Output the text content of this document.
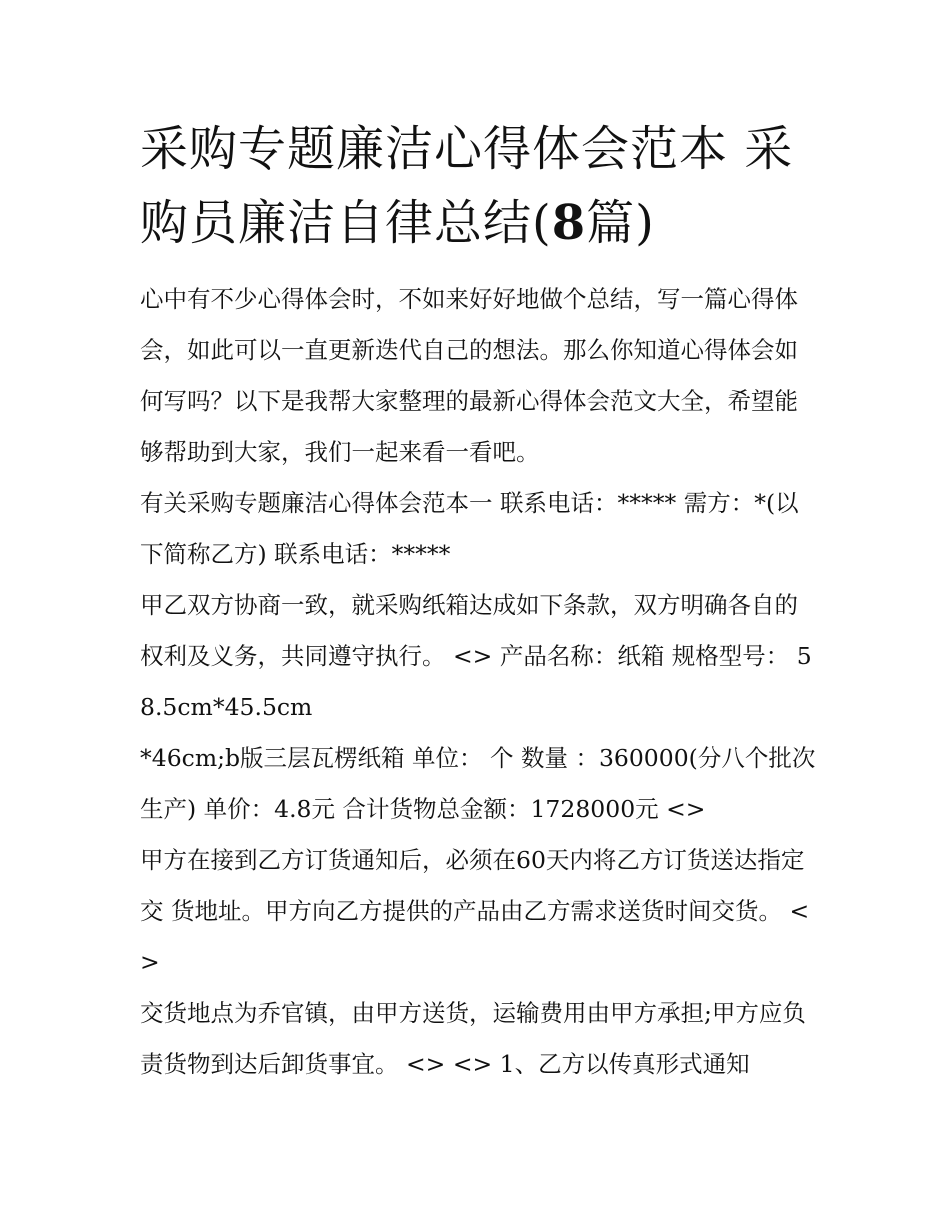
采购专题廉洁心得体会范本 采购员廉洁自律总结(8篇)

心中有不少心得体会时，不如来好好地做个总结，写一篇心得体会，如此可以一直更新迭代自己的想法。那么你知道心得体会如何写吗？以下是我帮大家整理的最新心得体会范文大全，希望能够帮助到大家，我们一起来看一看吧。

有关采购专题廉洁心得体会范本一 联系电话：***** 需方：*(以下简称乙方) 联系电话：*****

甲乙双方协商一致，就采购纸箱达成如下条款，双方明确各自的权利及义务，共同遵守执行。 <> 产品名称：纸箱 规格型号： 58.5cm*45.5cm

*46cm;b版三层瓦楞纸箱 单位： 个 数量 ：360000(分八个批次生产) 单价：4.8元 合计货物总金额：1728000元 <>

甲方在接到乙方订货通知后，必须在60天内将乙方订货送达指定交 货地址。甲方向乙方提供的产品由乙方需求送货时间交货。 <>

交货地点为乔官镇，由甲方送货，运输费用由甲方承担;甲方应负责货物到达后卸货事宜。 <> <> 1、乙方以传真形式通知
